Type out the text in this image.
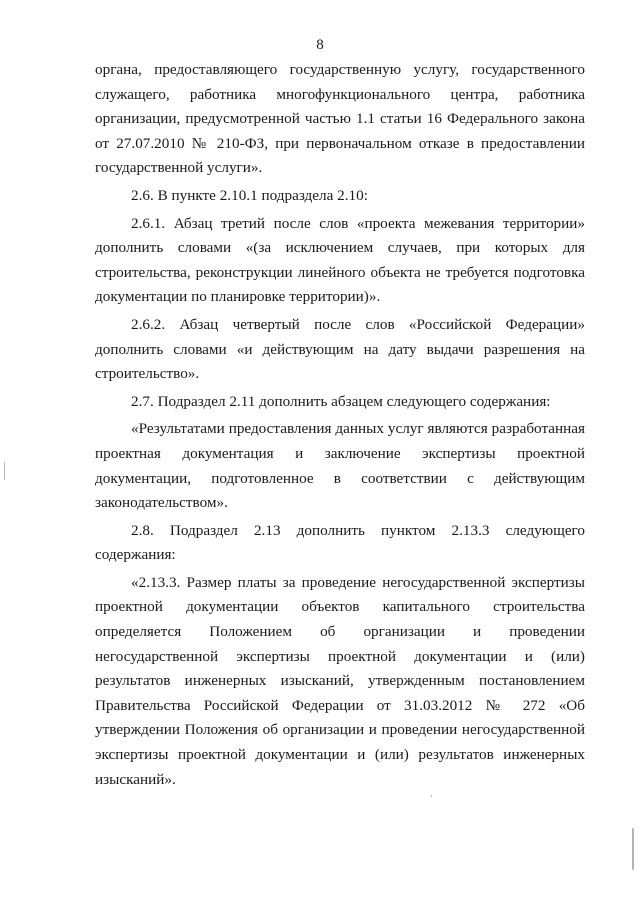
8

органа, предоставляющего государственную услугу, государственного служащего, работника многофункционального центра, работника организации, предусмотренной частью 1.1 статьи 16 Федерального закона от 27.07.2010 № 210-ФЗ, при первоначальном отказе в предоставлении государственной услуги».

2.6. В пункте 2.10.1 подраздела 2.10:

2.6.1. Абзац третий после слов «проекта межевания территории» дополнить словами «(за исключением случаев, при которых для строительства, реконструкции линейного объекта не требуется подготовка документации по планировке территории)».

2.6.2. Абзац четвертый после слов «Российской Федерации» дополнить словами «и действующим на дату выдачи разрешения на строительство».

2.7. Подраздел 2.11 дополнить абзацем следующего содержания:

«Результатами предоставления данных услуг являются разработанная проектная документация и заключение экспертизы проектной документации, подготовленное в соответствии с действующим законодательством».

2.8. Подраздел 2.13 дополнить пунктом 2.13.3 следующего содержания:

«2.13.3. Размер платы за проведение негосударственной экспертизы проектной документации объектов капитального строительства определяется Положением об организации и проведении негосударственной экспертизы проектной документации и (или) результатов инженерных изысканий, утвержденным постановлением Правительства Российской Федерации от 31.03.2012 № 272 «Об утверждении Положения об организации и проведении негосударственной экспертизы проектной документации и (или) результатов инженерных изысканий».
